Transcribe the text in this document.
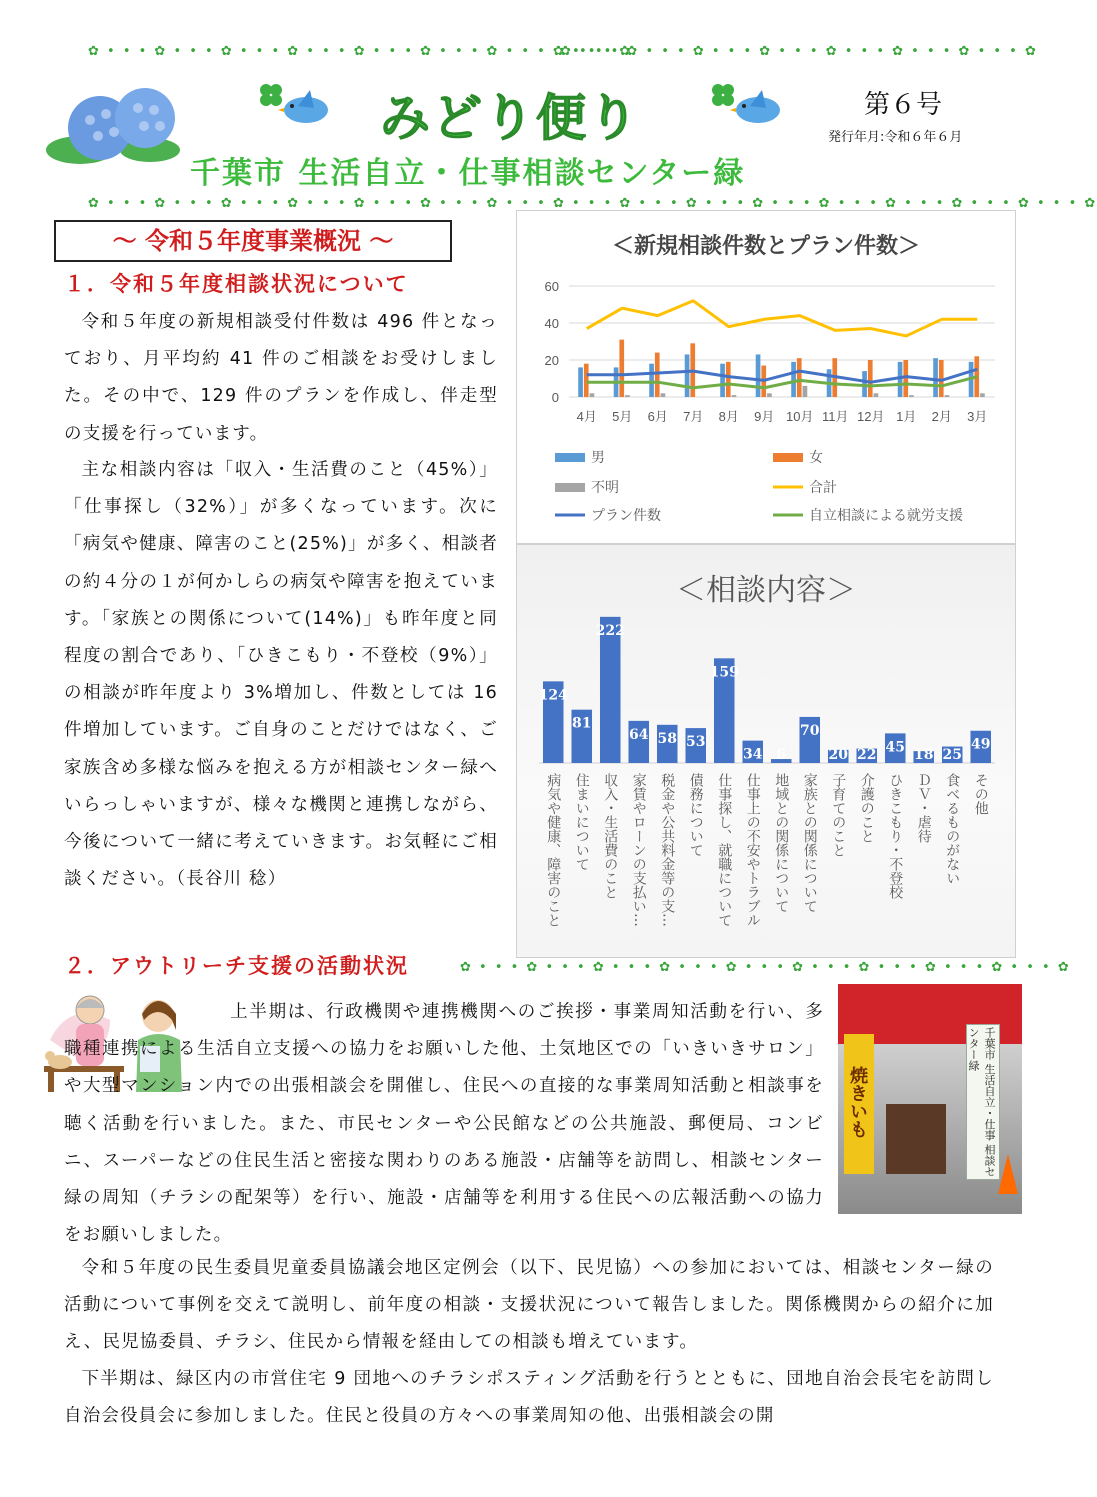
✿ • • • ✿ • • • ✿ • • • ✿ • • • ✿ • • • ✿ • • • ✿ • • • ✿ • • • ✿
✿ • • • ✿ • • • ✿ • • • ✿ • • • ✿ • • • ✿ • • • ✿ • • • ✿
✿ • • • ✿ • • • ✿ • • • ✿ • • • ✿ • • • ✿ • • • ✿ • • • ✿ • • • ✿ • • • ✿ • • • ✿ • • • ✿ • • • ✿ • • • ✿ • • • ✿ • • • ✿
✿ • • • ✿ • • • ✿ • • • ✿ • • • ✿ • • • ✿ • • • ✿ • • • ✿ • • • ✿ • • • ✿
みどり便り
千葉市 生活自立・仕事相談センター緑
第６号
発行年月:令和６年６月
～ 令和５年度事業概況 ～
１．令和５年度相談状況について
令和５年度の新規相談受付件数は 496 件となっており、月平均約 41 件のご相談をお受けしました。その中で、129 件のプランを作成し、伴走型の支援を行っています。
主な相談内容は「収入・生活費のこと（45%）」「仕事探し（32%）」が多くなっています。次に「病気や健康、障害のこと(25%)」が多く、相談者の約４分の１が何かしらの病気や障害を抱えています。「家族との関係について(14%)」も昨年度と同程度の割合であり、「ひきこもり・不登校（9%）」の相談が昨年度より 3%増加し、件数としては 16 件増加しています。ご自身のことだけではなく、ご家族含め多様な悩みを抱える方が相談センター緑へいらっしゃいますが、様々な機関と連携しながら、今後について一緒に考えていきます。お気軽にご相談ください。（長谷川 稔）
＜新規相談件数とプラン件数＞
0
20
40
60
4月 5月 6月 7月 8月 9月 10月 11月 12月 1月 2月 3月
男	女
不明	合計
プラン件数	自立相談による就労支援
＜相談内容＞
124
病気や健康、障害のこと
81
住まいについて
222
収入・生活費のこと
64
家賃やローンの支払い…
58
税金や公共料金等の支…
53
債務について
159
仕事探し、就職について
34
仕事上の不安やトラブル
6
地域との関係について
70
家族との関係について
20
子育てのこと
22
介護のこと
45
ひきこもり・不登校
18
ＤＶ・虐待
25
食べるものがない
49
その他
２．アウトリーチ支援の活動状況
上半期は、行政機関や連携機関へのご挨拶・事業周知活動を行い、多職種連携による生活自立支援への協力をお願いした他、土気地区での「いきいきサロン」や大型マンション内での出張相談会を開催し、住民への直接的な事業周知活動と相談事を聴く活動を行いました。また、市民センターや公民館などの公共施設、郵便局、コンビニ、スーパーなどの住民生活と密接な関わりのある施設・店舗等を訪問し、相談センター緑の周知（チラシの配架等）を行い、施設・店舗等を利用する住民への広報活動への協力をお願いしました。
令和５年度の民生委員児童委員協議会地区定例会（以下、民児協）への参加においては、相談センター緑の活動について事例を交えて説明し、前年度の相談・支援状況について報告しました。関係機関からの紹介に加え、民児協委員、チラシ、住民から情報を経由しての相談も増えています。
下半期は、緑区内の市営住宅 9 団地へのチラシポスティング活動を行うとともに、団地自治会長宅を訪問し自治会役員会に参加しました。住民と役員の方々への事業周知の他、出張相談会の開
千葉市 生活自立・仕事 相談センター緑
焼きいも
